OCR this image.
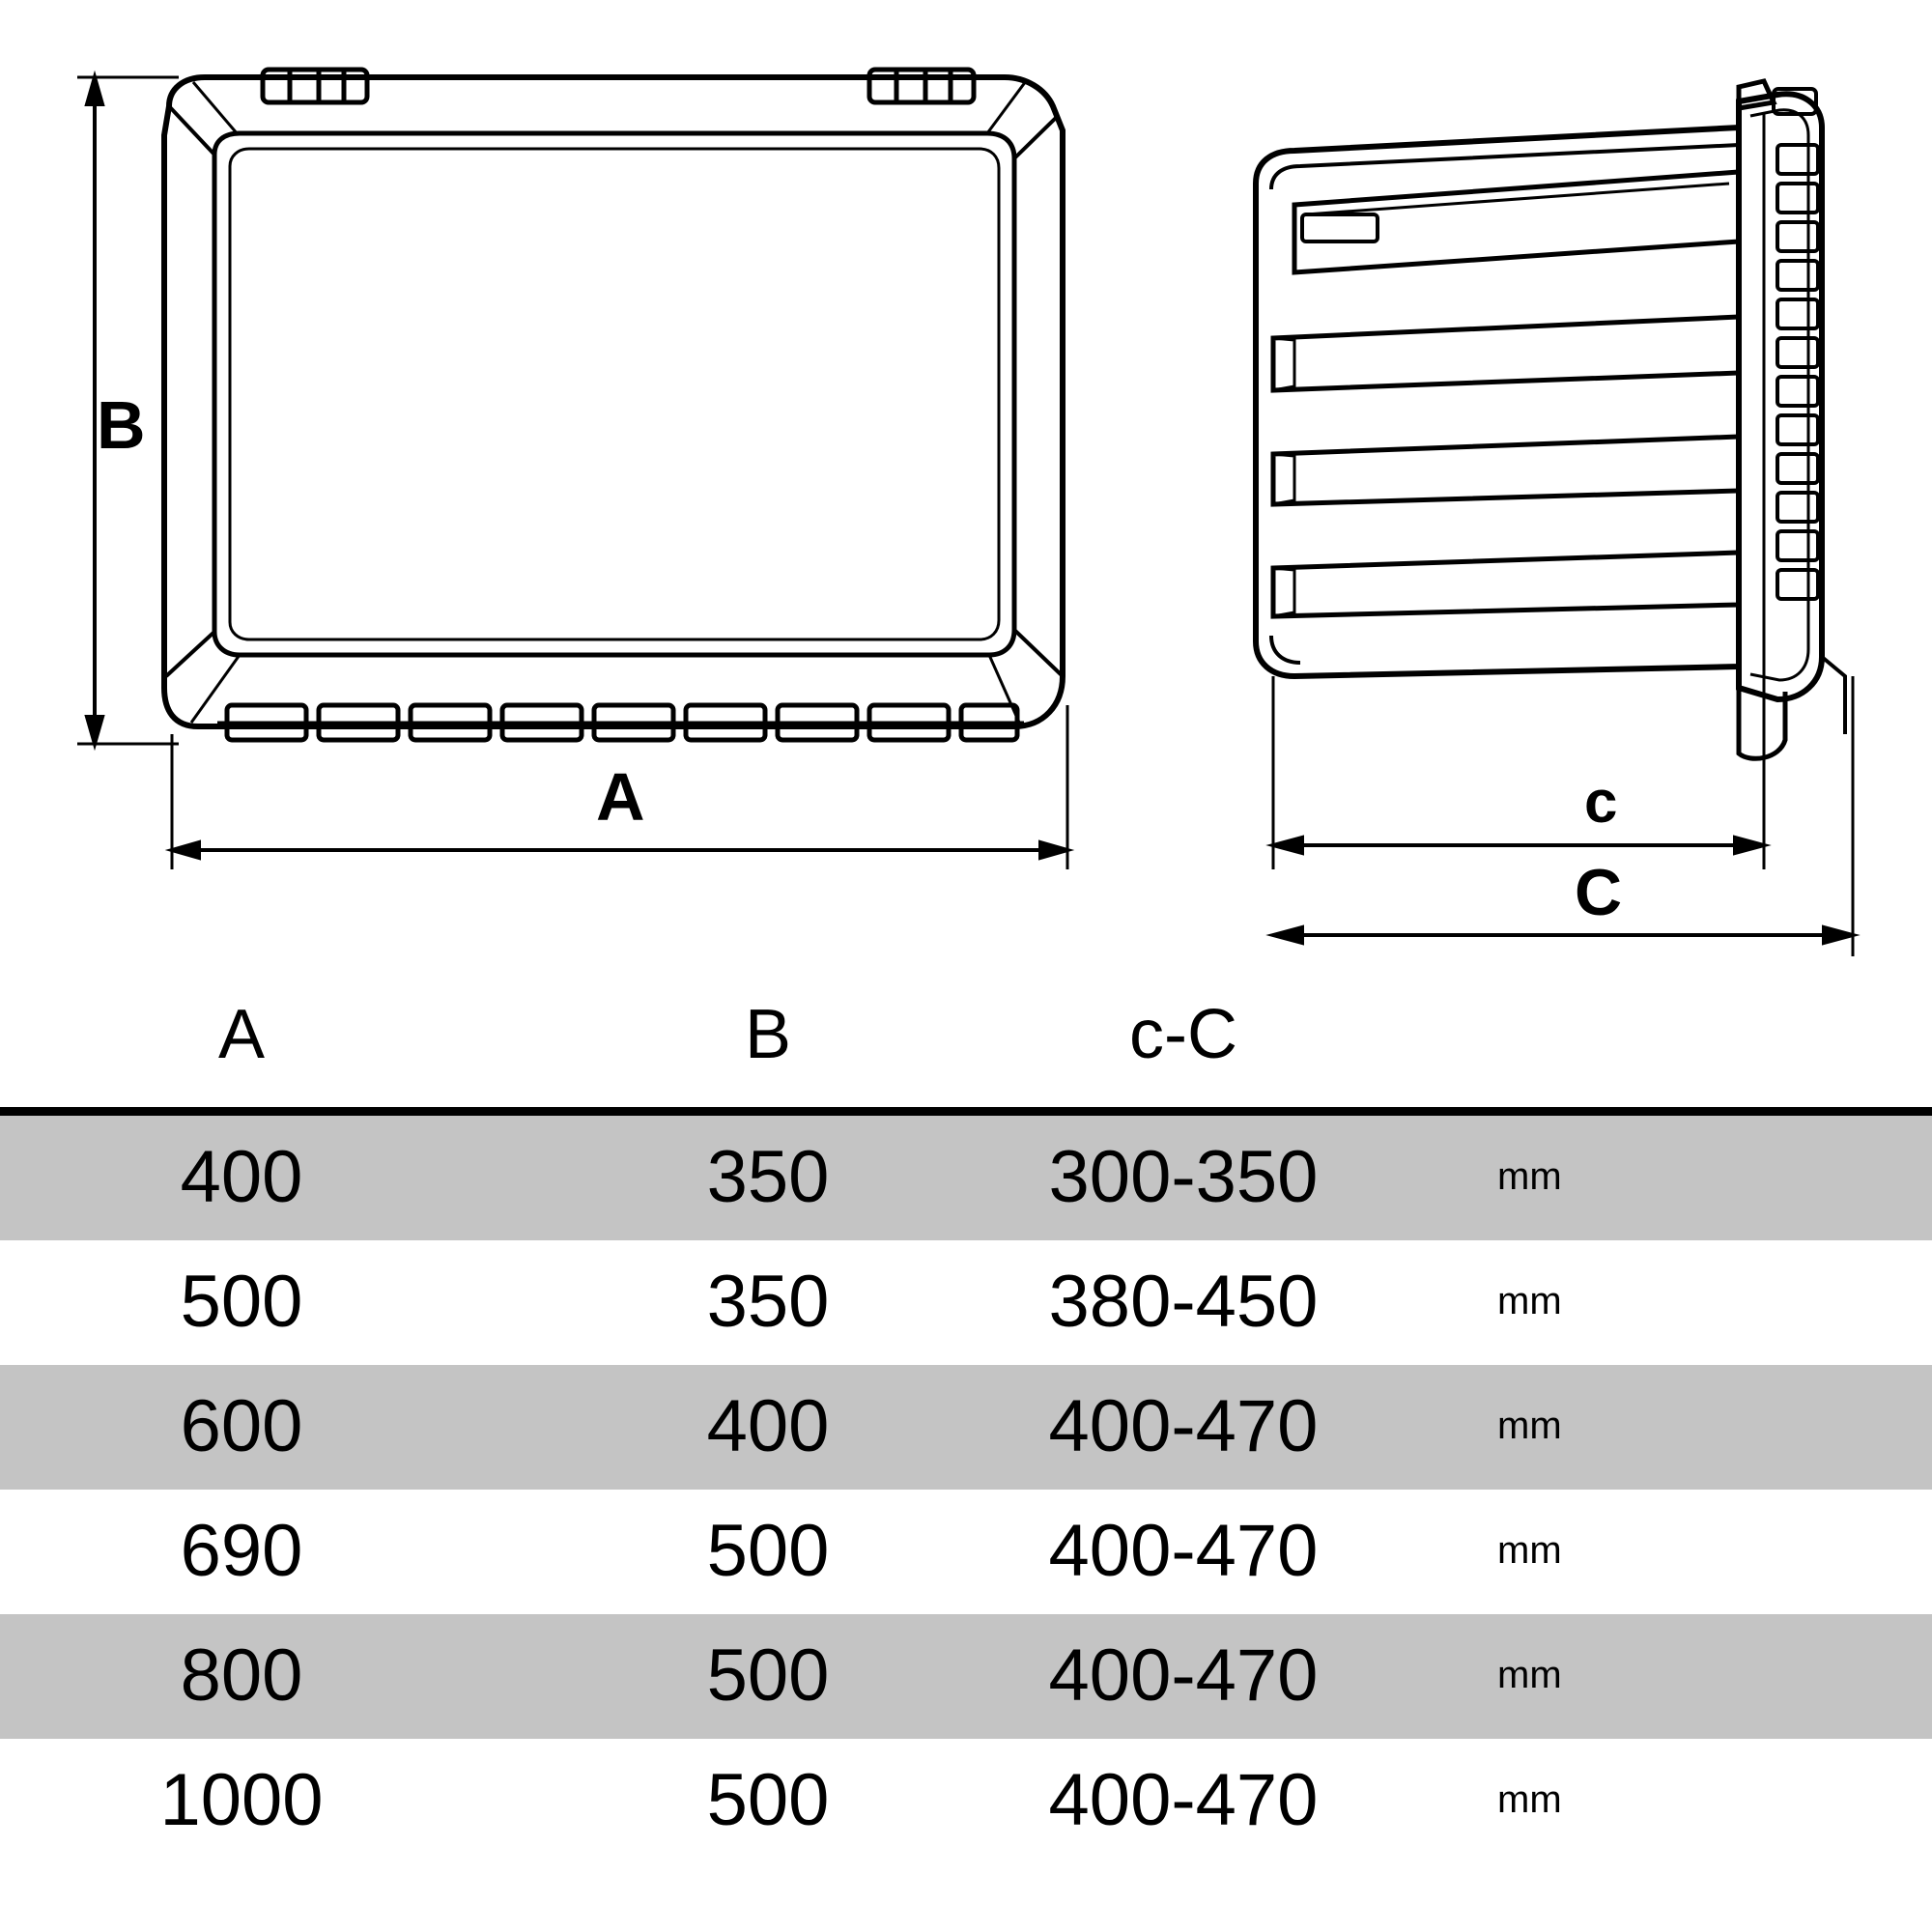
B
A	c
C
A	B	c-C	
400	350	300-350	mm
500	350	380-450	mm
600	400	400-470	mm
690	500	400-470	mm
800	500	400-470	mm
1000	500	400-470	mm
